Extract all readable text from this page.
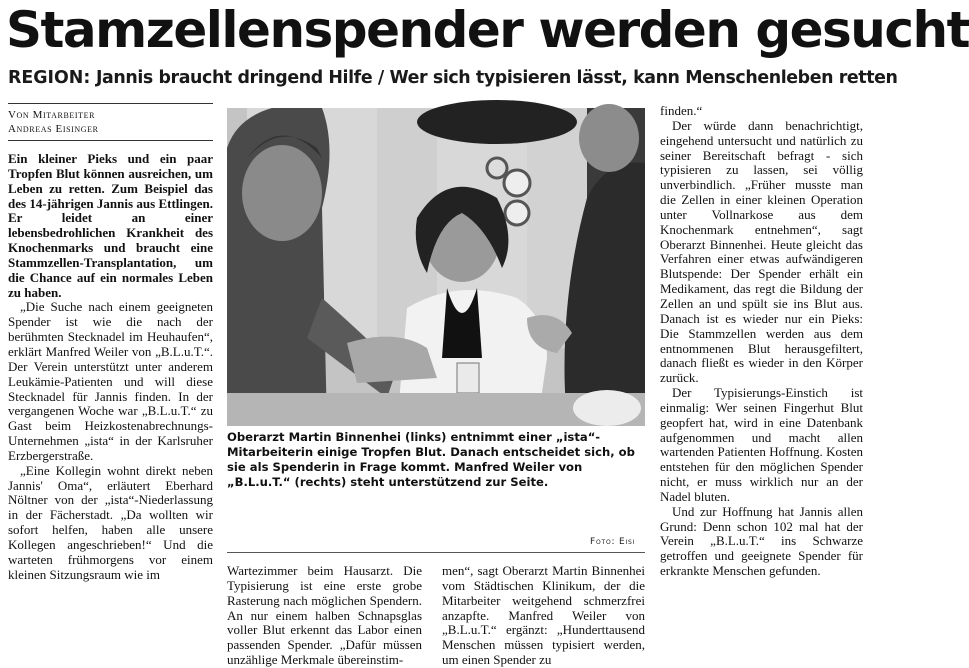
Stamzellenspender werden gesucht
REGION: Jannis braucht dringend Hilfe / Wer sich typisieren lässt, kann Menschenleben retten
Von Mitarbeiter
Andreas Eisinger

Ein kleiner Pieks und ein paar Tropfen Blut können ausreichen, um Leben zu retten. Zum Beispiel das des 14-jährigen Jannis aus Ettlingen. Er leidet an einer lebensbedrohlichen Krankheit des Knochenmarks und braucht eine Stammzellen-Transplantation, um die Chance auf ein normales Leben zu haben.

„Die Suche nach einem geeigneten Spender ist wie die nach der berühmten Stecknadel im Heuhaufen“, erklärt Manfred Weiler von „B.L.u.T.“. Der Verein unterstützt unter anderem Leukämie-Patienten und will diese Stecknadel für Jannis finden. In der vergangenen Woche war „B.L.u.T.“ zu Gast beim Heizkostenabrechnungs-Unternehmen „ista“ in der Karlsruher Erzbergerstraße.

„Eine Kollegin wohnt direkt neben Jannis' Oma“, erläutert Eberhard Nöltner von der „ista“-Niederlassung in der Fächerstadt. „Da wollten wir sofort helfen, haben alle unsere Kollegen angeschrieben!“ Und die warteten frühmorgens vor einem kleinen Sitzungsraum wie im

Oberarzt Martin Binnenhei (links) entnimmt einer „ista“-Mitarbeiterin einige Tropfen Blut. Danach entscheidet sich, ob sie als Spenderin in Frage kommt. Manfred Weiler von „B.L.u.T.“ (rechts) steht unterstützend zur Seite.
Foto: Eisi

Wartezimmer beim Hausarzt. Die Typisierung ist eine erste grobe Rasterung nach möglichen Spendern. An nur einem halben Schnapsglas voller Blut erkennt das Labor einen passenden Spender. „Dafür müssen unzählige Merkmale übereinstim-

men“, sagt Oberarzt Martin Binnenhei vom Städtischen Klinikum, der die Mitarbeiter weitgehend schmerzfrei anzapfte. Manfred Weiler von „B.L.u.T.“ ergänzt: „Hunderttausend Menschen müssen typisiert werden, um einen Spender zu

finden.“

Der würde dann benachrichtigt, eingehend untersucht und natürlich zu seiner Bereitschaft befragt - sich typisieren zu lassen, sei völlig unverbindlich. „Früher musste man die Zellen in einer kleinen Operation unter Vollnarkose aus dem Knochenmark entnehmen“, sagt Oberarzt Binnenhei. Heute gleicht das Verfahren einer etwas aufwändigeren Blutspende: Der Spender erhält ein Medikament, das regt die Bildung der Zellen an und spült sie ins Blut aus. Danach ist es wieder nur ein Pieks: Die Stammzellen werden aus dem entnommenen Blut herausgefiltert, danach fließt es wieder in den Körper zurück.

Der Typisierungs-Einstich ist einmalig: Wer seinen Fingerhut Blut geopfert hat, wird in eine Datenbank aufgenommen und macht allen wartenden Patienten Hoffnung. Kosten entstehen für den möglichen Spender nicht, er muss wirklich nur an der Nadel bluten.

Und zur Hoffnung hat Jannis allen Grund: Denn schon 102 mal hat der Verein „B.L.u.T.“ ins Schwarze getroffen und geeignete Spender für erkrankte Menschen gefunden.
